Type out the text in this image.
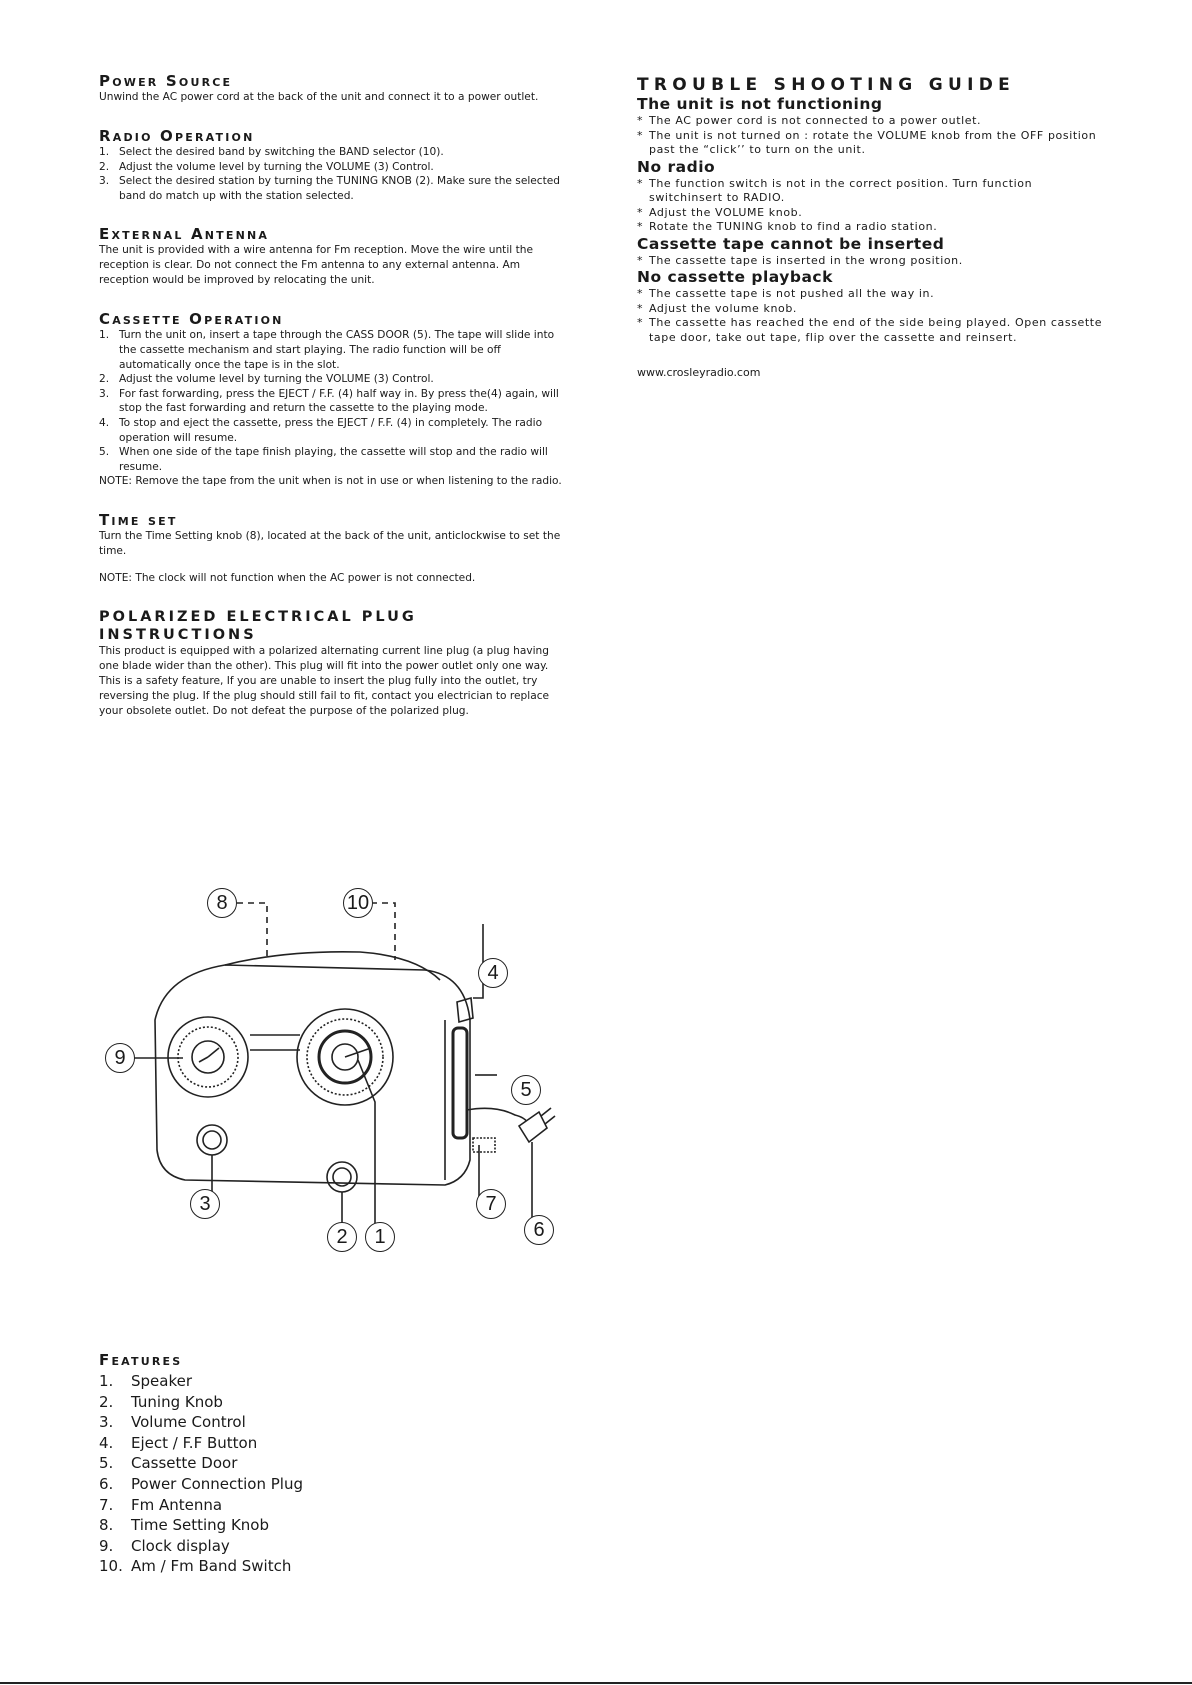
Power Source

Unwind the AC power cord at the back of the unit and connect it to a power outlet.

Radio Operation
1. Select the desired band by switching the BAND selector (10).
2. Adjust the volume level by turning the VOLUME (3) Control.
3. Select the desired station by turning the TUNING KNOB (2). Make sure the selected band do match up with the station selected.
External Antenna

The unit is provided with a wire antenna for Fm reception. Move the wire until the reception is clear. Do not connect the Fm antenna to any external antenna. Am reception would be improved by relocating the unit.

Cassette Operation
1. Turn the unit on, insert a tape through the CASS DOOR (5). The tape will slide into the cassette mechanism and start playing. The radio function will be off automatically once the tape is in the slot.
2. Adjust the volume level by turning the VOLUME (3) Control.
3. For fast forwarding, press the EJECT / F.F. (4) half way in. By press the(4) again, will stop the fast forwarding and return the cassette to the playing mode.
4. To stop and eject the cassette, press the EJECT / F.F. (4) in completely. The radio operation will resume.
5. When one side of the tape finish playing, the cassette will stop and the radio will resume.

NOTE: Remove the tape from the unit when is not in use or when listening to the radio.

Time set

Turn the Time Setting knob (8), located at the back of the unit, anticlockwise to set the time.

NOTE: The clock will not function when the AC power is not connected.

POLARIZED ELECTRICAL PLUG
INSTRUCTIONS

This product is equipped with a polarized alternating current line plug (a plug having one blade wider than the other). This plug will fit into the power outlet only one way. This is a safety feature, If you are unable to insert the plug fully into the outlet, try reversing the plug. If the plug should still fail to fit, contact you electrician to replace your obsolete outlet. Do not defeat the purpose of the polarized plug.

TROUBLE SHOOTING GUIDE
The unit is not functioning

* The AC power cord is not connected to a power outlet.

* The unit is not turned on : rotate the VOLUME knob from the OFF position past the “click’’ to turn on the unit.

No radio

* The function switch is not in the correct position. Turn function switchinsert to RADIO.

* Adjust the VOLUME knob.

* Rotate the TUNING knob to find a radio station.

Cassette tape cannot be inserted

* The cassette tape is inserted in the wrong position.

No cassette playback

* The cassette tape is not pushed all the way in.

* Adjust the volume knob.

* The cassette has reached the end of the side being played. Open cassette tape door, take out tape, flip over the cassette and reinsert.

www.crosleyradio.com
8	10
4
9
5
3	7
2	1	6
Features
1. Speaker
2. Tuning Knob
3. Volume Control
4. Eject / F.F Button
5. Cassette Door
6. Power Connection Plug
7. Fm Antenna
8. Time Setting Knob
9. Clock display
10. Am / Fm Band Switch
